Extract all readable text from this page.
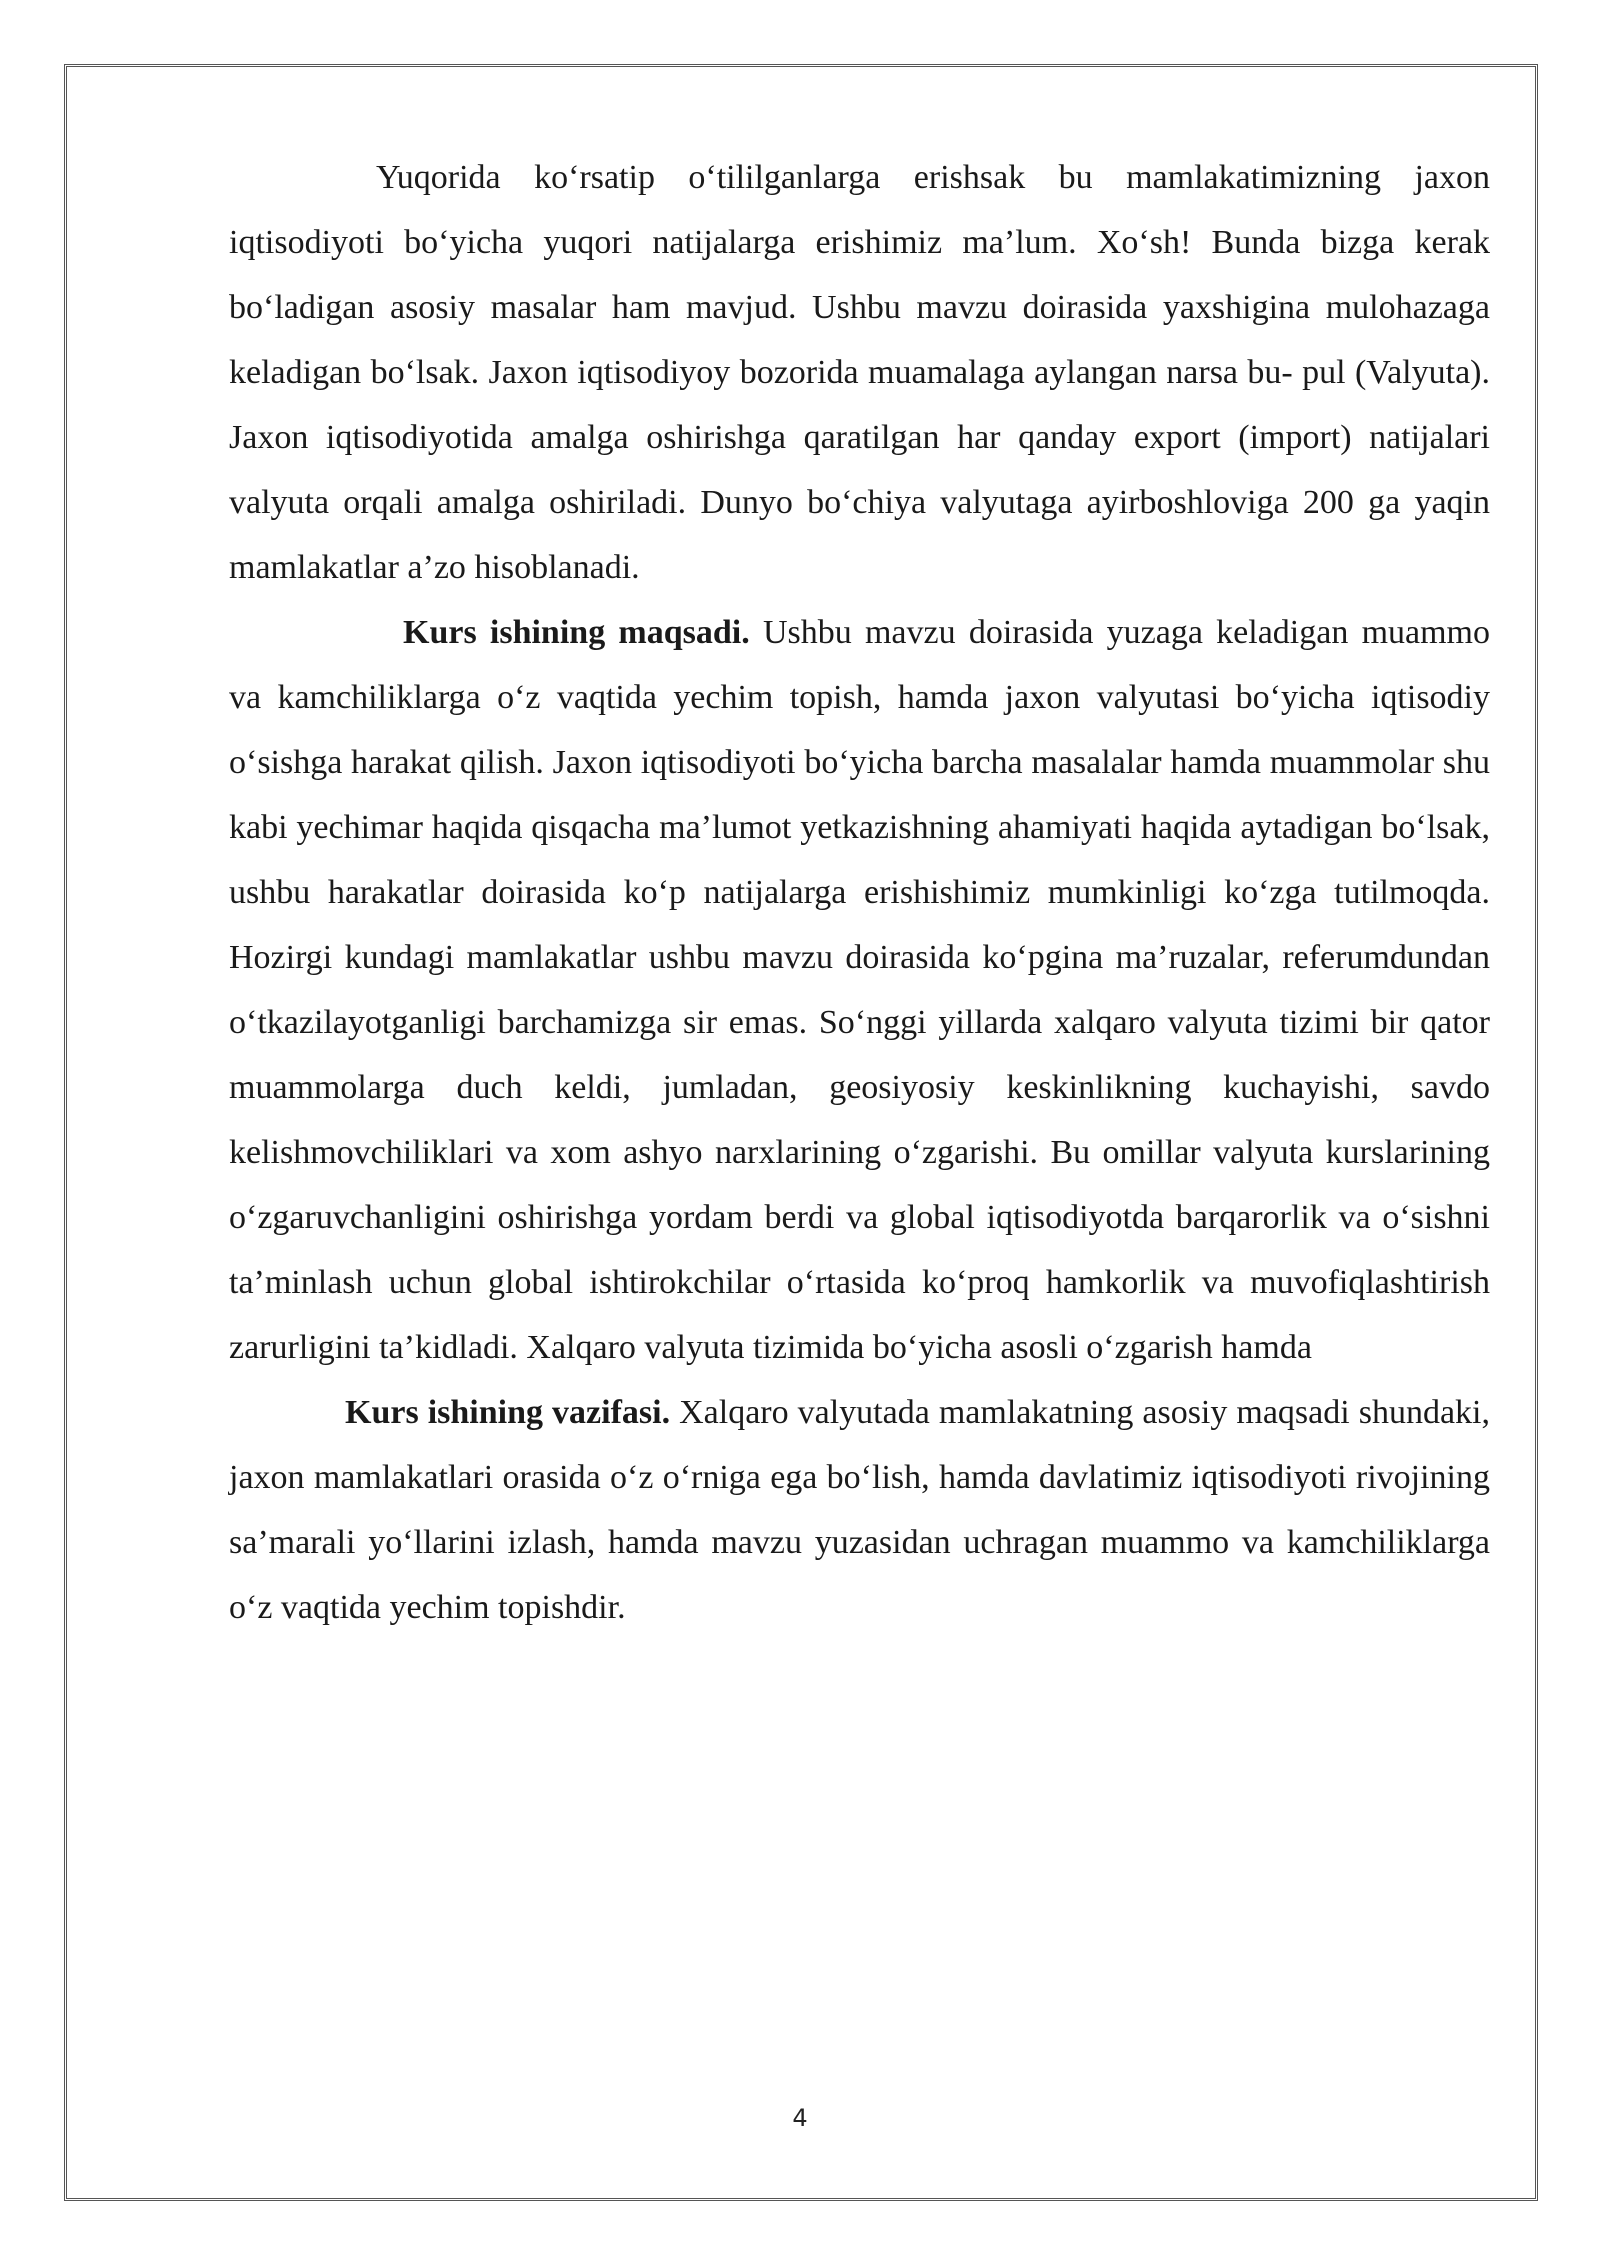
Yuqorida koʻrsatip oʻtililganlarga erishsak bu mamlakatimizning jaxon iqtisodiyoti boʻyicha yuqori natijalarga erishimiz ma’lum. Xoʻsh! Bunda bizga kerak boʻladigan asosiy masalar ham mavjud. Ushbu mavzu doirasida yaxshigina mulohazaga keladigan boʻlsak. Jaxon iqtisodiyoy bozorida muamalaga aylangan narsa bu- pul (Valyuta). Jaxon iqtisodiyotida amalga oshirishga qaratilgan har qanday export (import) natijalari valyuta orqali amalga oshiriladi. Dunyo boʻchiya valyutaga ayirboshloviga 200 ga yaqin mamlakatlar a’zo hisoblanadi.

Kurs ishining maqsadi. Ushbu mavzu doirasida yuzaga keladigan muammo va kamchiliklarga oʻz vaqtida yechim topish, hamda jaxon valyutasi boʻyicha iqtisodiy oʻsishga harakat qilish. Jaxon iqtisodiyoti boʻyicha barcha masalalar hamda muammolar shu kabi yechimar haqida qisqacha ma’lumot yetkazishning ahamiyati haqida aytadigan boʻlsak, ushbu harakatlar doirasida koʻp natijalarga erishishimiz mumkinligi koʻzga tutilmoqda. Hozirgi kundagi mamlakatlar ushbu mavzu doirasida koʻpgina ma’ruzalar, referumdundan oʻtkazilayotganligi barchamizga sir emas. Soʻnggi yillarda xalqaro valyuta tizimi bir qator muammolarga duch keldi, jumladan, geosiyosiy keskinlikning kuchayishi, savdo kelishmovchiliklari va xom ashyo narxlarining oʻzgarishi. Bu omillar valyuta kurslarining oʻzgaruvchanligini oshirishga yordam berdi va global iqtisodiyotda barqarorlik va oʻsishni ta’minlash uchun global ishtirokchilar oʻrtasida koʻproq hamkorlik va muvofiqlashtirish zarurligini ta’kidladi. Xalqaro valyuta tizimida boʻyicha asosli oʻzgarish hamda

Kurs ishining vazifasi. Xalqaro valyutada mamlakatning asosiy maqsadi shundaki, jaxon mamlakatlari orasida oʻz oʻrniga ega boʻlish, hamda davlatimiz iqtisodiyoti rivojining sa’marali yoʻllarini izlash, hamda mavzu yuzasidan uchragan muammo va kamchiliklarga oʻz vaqtida yechim topishdir.

4
